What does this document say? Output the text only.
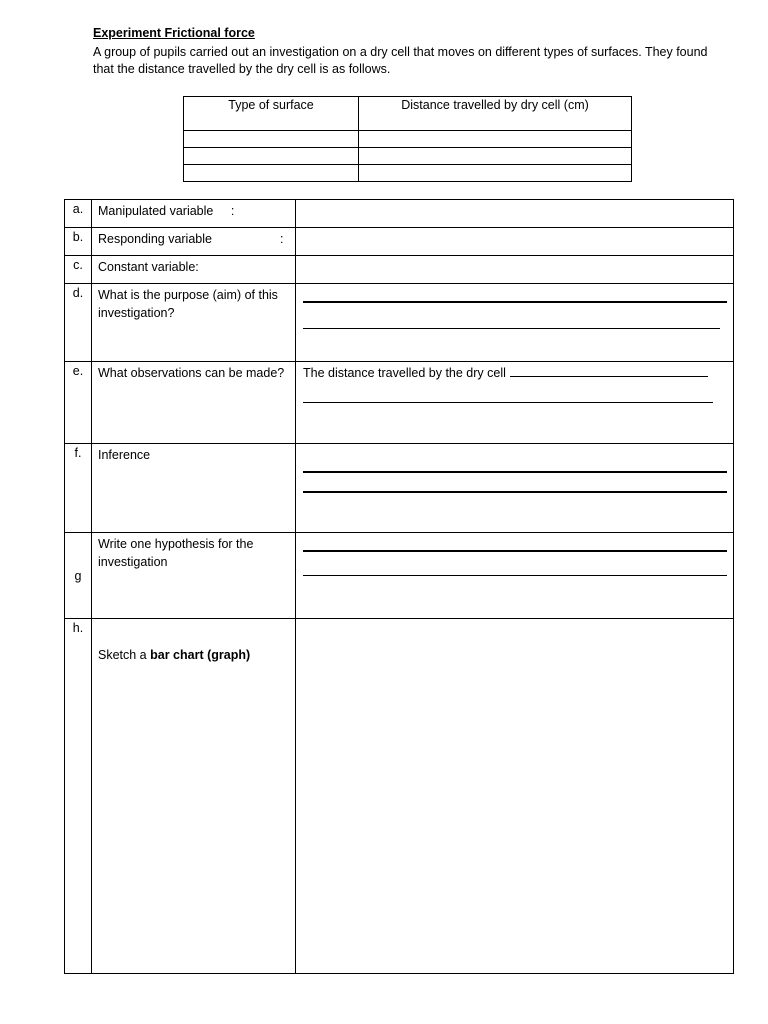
Experiment Frictional force
A group of pupils carried out an investigation on a dry cell that moves on different types of surfaces. They found that the distance travelled by the dry cell is as follows.
Type of surface	Distance travelled by dry cell (cm)

a.	Manipulated variable :	
b.	Responding variable :	

c.	Constant variable:	
d.	What is the purpose (aim) of this investigation?	

e.	What observations can be made?	The distance travelled by the dry cell

f.	Inference	

g	Write one hypothesis for the investigation	

h.	Sketch a bar chart (graph)	
